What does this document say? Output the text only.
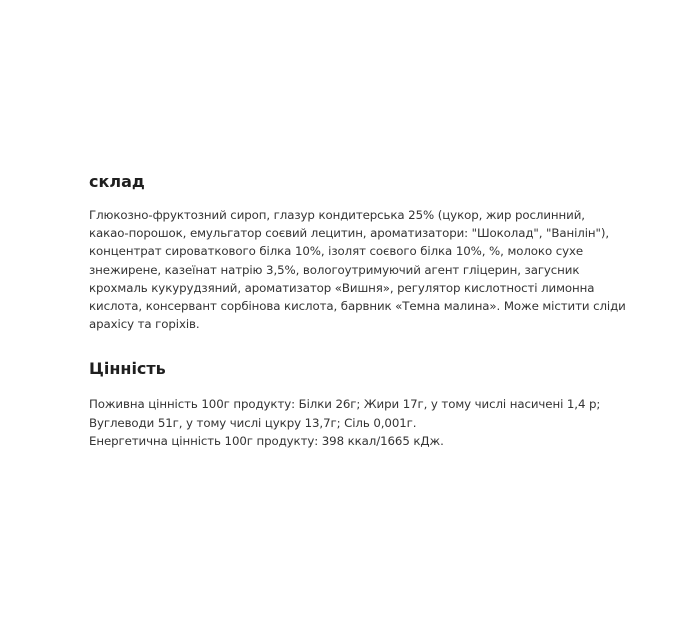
склад

Глюкозно-фруктозний сироп, глазур кондитерська 25% (цукор, жир рослинний,
какао-порошок, емульгатор соєвий лецитин, ароматизатори: "Шоколад", "Ванілін"),
концентрат сироваткового білка 10%, ізолят соєвого білка 10%, %, молоко сухе
знежирене, казеїнат натрію 3,5%, вологоутримуючий агент гліцерин, загусник
крохмаль кукурудзяний, ароматизатор «Вишня», регулятор кислотності лимонна
кислота, консервант сорбінова кислота, барвник «Темна малина». Може містити сліди
арахісу та горіхів.

Цінність

Поживна цінність 100г продукту: Білки 26г; Жири 17г, у тому числі насичені 1,4 р;
Вуглеводи 51г, у тому числі цукру 13,7г; Сіль 0,001г.
Енергетична цінність 100г продукту: 398 ккал/1665 кДж.
